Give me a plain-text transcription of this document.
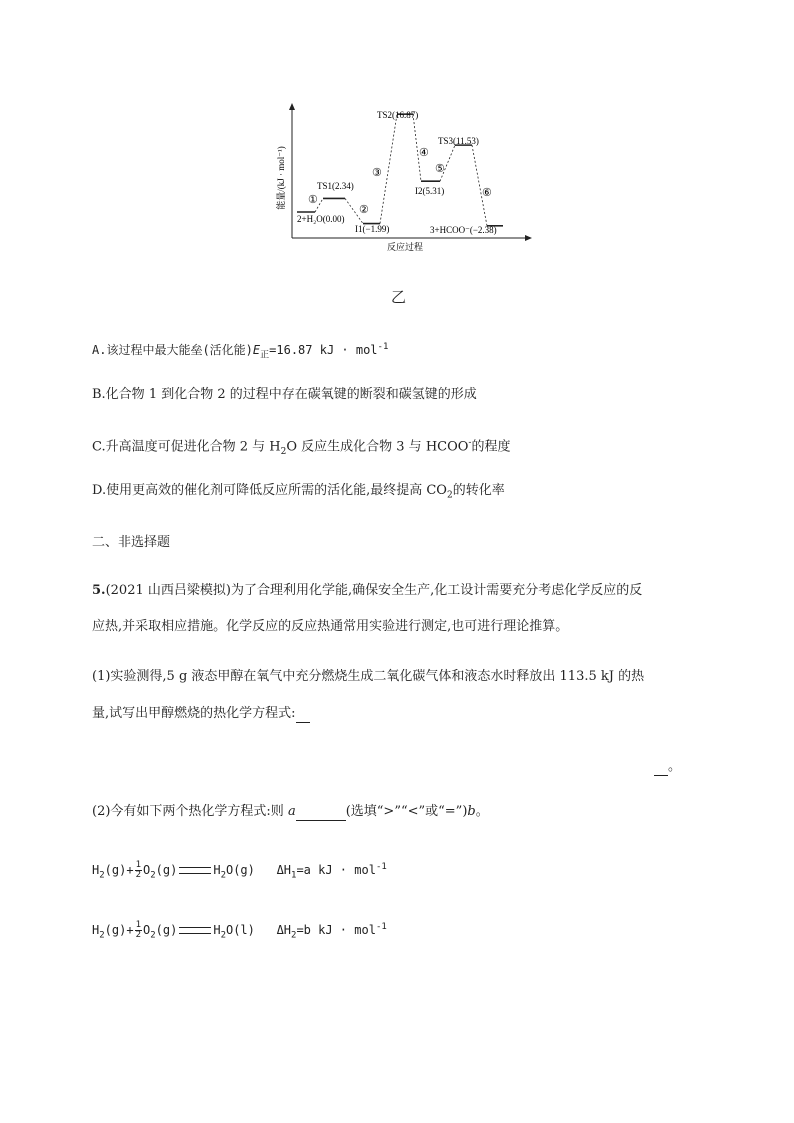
能量/(kJ · mol⁻¹)
反应过程
2+H₂O(0.00)
TS1(2.34)
I1(−1.99)
TS2(16.87)
I2(5.31)
TS3(11.53)
3+HCOO⁻(−2.38)
①
②
③
④
⑤
⑥
乙
A.该过程中最大能垒(活化能)$E_正=16.87$ kJ · mol$^{-1}$
B.化合物 1 到化合物 2 的过程中存在碳氧键的断裂和碳氢键的形成
C.升高温度可促进化合物 2 与 $H_2O$ 反应生成化合物 3 与 HCOO-的程度
D.使用更高效的催化剂可降低反应所需的活化能,最终提高 $CO_2$的转化率
二、非选择题
5.(2021 山西吕梁模拟)为了合理利用化学能,确保安全生产,化工设计需要充分考虑化学反应的反
应热,并采取相应措施。化学反应的反应热通常用实验进行测定,也可进行理论推算。
(1)实验测得,5 g 液态甲醇在氧气中充分燃烧生成二氧化碳气体和液态水时释放出 113.5 kJ 的热
量,试写出甲醇燃烧的热化学方程式:
。
(2)今有如下两个热化学方程式:则 a	(选填“>”“<”或“=”)b。
$H_2(g)+ \frac{1}{2} O_2(g)$	$H_2O(g)$ $\Delta H_1=a$ kJ · mol$^{-1}$
$H_2(g)+ \frac{1}{2} O_2(g)$	$H_2O(l)$ $\Delta H_2=b$ kJ · mol$^{-1}$
